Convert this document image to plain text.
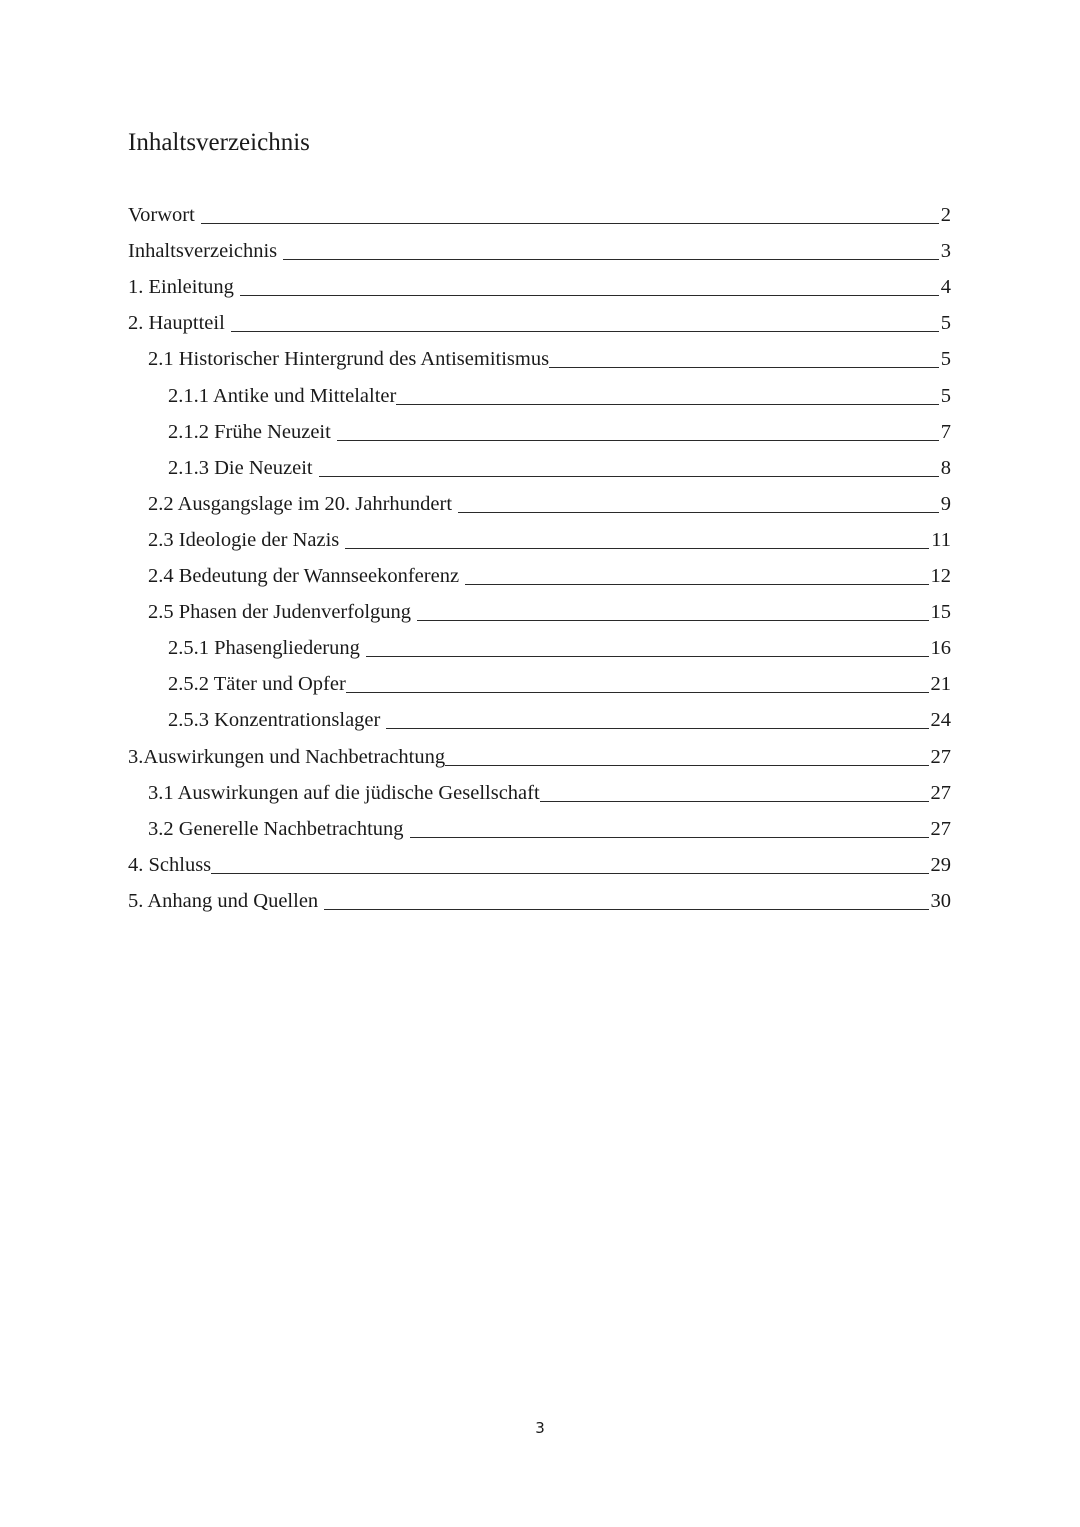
Inhaltsverzeichnis
Vorwort	2
Inhaltsverzeichnis	3
1. Einleitung	4
2. Hauptteil	5
2.1 Historischer Hintergrund des Antisemitismus	5
2.1.1 Antike und Mittelalter	5
2.1.2 Frühe Neuzeit	7
2.1.3 Die Neuzeit	8
2.2 Ausgangslage im 20. Jahrhundert	9
2.3 Ideologie der Nazis	11
2.4 Bedeutung der Wannseekonferenz	12
2.5 Phasen der Judenverfolgung	15
2.5.1 Phasengliederung	16
2.5.2 Täter und Opfer	21
2.5.3 Konzentrationslager	24
3.Auswirkungen und Nachbetrachtung	27
3.1 Auswirkungen auf die jüdische Gesellschaft	27
3.2 Generelle Nachbetrachtung	27
4. Schluss	29
5. Anhang und Quellen	30
3
